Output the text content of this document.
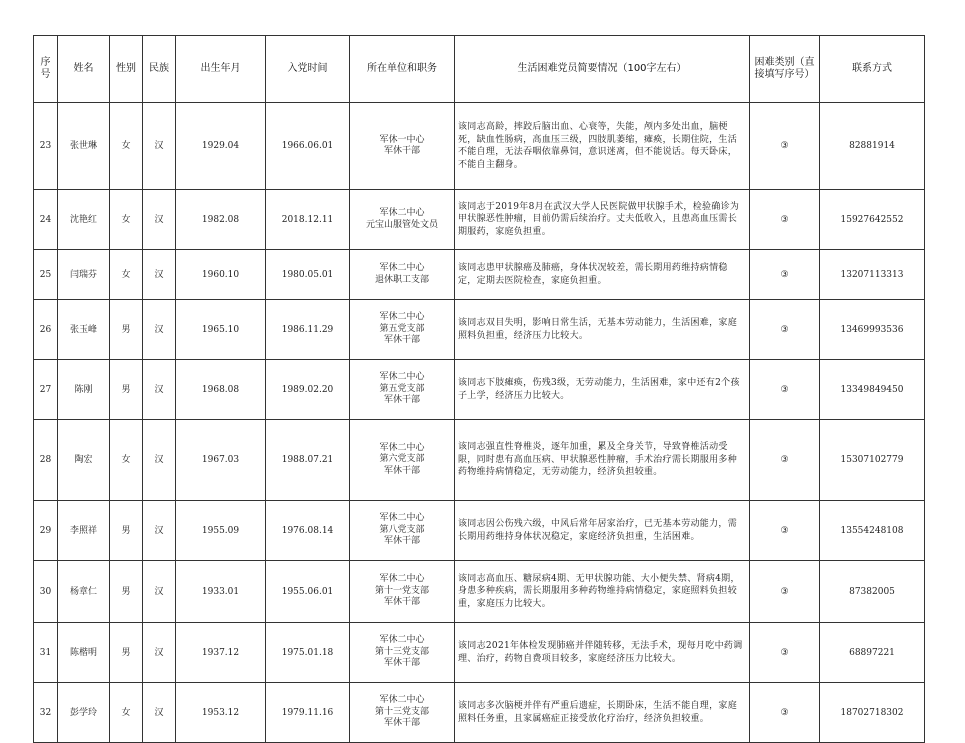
序号	姓名	性别	民族	出生年月	入党时间	所在单位和职务	生活困难党员简要情况（100字左右）	困难类别（直接填写序号）	联系方式
23	张世琳	女	汉	1929.04	1966.06.01	军休一中心
军休干部	该同志高龄，摔跤后脑出血、心衰等，失能，颅内多处出血，脑梗死，缺血性肠病，高血压三级，四肢肌萎缩，瘫痪，长期住院，生活不能自理，无法吞咽依靠鼻饲，意识迷离，但不能说话。每天卧床，不能自主翻身。	③	82881914
24	沈艳红	女	汉	1982.08	2018.12.11	军休二中心
元宝山服管处文员	该同志于2019年8月在武汉大学人民医院做甲状腺手术，检验确诊为甲状腺恶性肿瘤，目前仍需后续治疗。丈夫低收入，且患高血压需长期服药，家庭负担重。	③	15927642552
25	闫瑞芬	女	汉	1960.10	1980.05.01	军休二中心
退休职工支部	该同志患甲状腺癌及肺癌，身体状况较差，需长期用药维持病情稳定，定期去医院检查，家庭负担重。	③	13207113313
26	张玉峰	男	汉	1965.10	1986.11.29	军休二中心
第五党支部
军休干部	该同志双目失明，影响日常生活，无基本劳动能力，生活困难，家庭照料负担重，经济压力比较大。	③	13469993536
27	陈刚	男	汉	1968.08	1989.02.20	军休二中心
第五党支部
军休干部	该同志下肢瘫痪，伤残3级，无劳动能力，生活困难，家中还有2个孩子上学，经济压力比较大。	③	13349849450
28	陶宏	女	汉	1967.03	1988.07.21	军休二中心
第六党支部
军休干部	该同志强直性脊椎炎，逐年加重，累及全身关节，导致脊椎活动受限，同时患有高血压病、甲状腺恶性肿瘤，手术治疗需长期服用多种药物维持病情稳定，无劳动能力，经济负担较重。	③	15307102779
29	李照祥	男	汉	1955.09	1976.08.14	军休二中心
第八党支部
军休干部	该同志因公伤残六级，中风后常年居家治疗，已无基本劳动能力，需长期用药维持身体状况稳定，家庭经济负担重，生活困难。	③	13554248108
30	杨章仁	男	汉	1933.01	1955.06.01	军休二中心
第十一党支部
军休干部	该同志高血压、糖尿病4期、无甲状腺功能、大小便失禁、肾病4期，身患多种疾病，需长期服用多种药物维持病情稳定，家庭照料负担较重，家庭压力比较大。	③	87382005
31	陈楷明	男	汉	1937.12	1975.01.18	军休二中心
第十三党支部
军休干部	该同志2021年体检发现肺癌并伴随转移，无法手术，现每月吃中药调理、治疗，药物自费项目较多，家庭经济压力比较大。	③	68897221
32	彭学玲	女	汉	1953.12	1979.11.16	军休二中心
第十三党支部
军休干部	该同志多次脑梗并伴有严重后遗症，长期卧床，生活不能自理，家庭照料任务重，且家属癌症正接受放化疗治疗，经济负担较重。	③	18702718302
